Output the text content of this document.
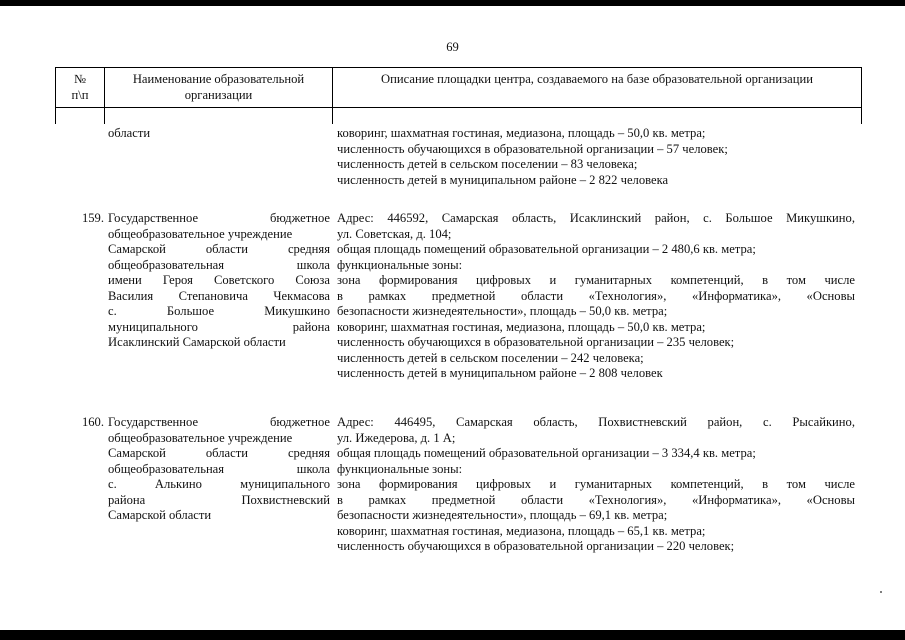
69
№
п\п
Наименование образовательной
организации
Описание площадки центра, создаваемого на базе образовательной организации
области	коворинг, шахматная гостиная, медиазона, площадь – 50,0 кв. метра;
численность обучающихся в образовательной организации – 57 человек;
численность детей в сельском поселении – 83 человека;
численность детей в муниципальном районе – 2 822 человека
159. Государственное бюджетное
общеобразовательное учреждение
Самарской области средняя
общеобразовательная школа
имени Героя Советского Союза
Василия Степановича Чекмасова
с. Большое Микушкино
муниципального района
Исаклинский Самарской области
Адрес: 446592, Самарская область, Исаклинский район, с. Большое Микушкино,
ул. Советская, д. 104;
общая площадь помещений образовательной организации – 2 480,6 кв. метра;
функциональные зоны:
зона формирования цифровых и гуманитарных компетенций, в том числе
в рамках предметной области «Технология», «Информатика», «Основы
безопасности жизнедеятельности», площадь – 50,0 кв. метра;
коворинг, шахматная гостиная, медиазона, площадь – 50,0 кв. метра;
численность обучающихся в образовательной организации – 235 человек;
численность детей в сельском поселении – 242 человека;
численность детей в муниципальном районе – 2 808 человек
160. Государственное бюджетное
общеобразовательное учреждение
Самарской области средняя
общеобразовательная школа
с. Алькино муниципального
района Похвистневский
Самарской области
Адрес: 446495, Самарская область, Похвистневский район, с. Рысайкино,
ул. Ижедерова, д. 1 А;
общая площадь помещений образовательной организации – 3 334,4 кв. метра;
функциональные зоны:
зона формирования цифровых и гуманитарных компетенций, в том числе
в рамках предметной области «Технология», «Информатика», «Основы
безопасности жизнедеятельности», площадь – 69,1 кв. метра;
коворинг, шахматная гостиная, медиазона, площадь – 65,1 кв. метра;
численность обучающихся в образовательной организации – 220 человек;
